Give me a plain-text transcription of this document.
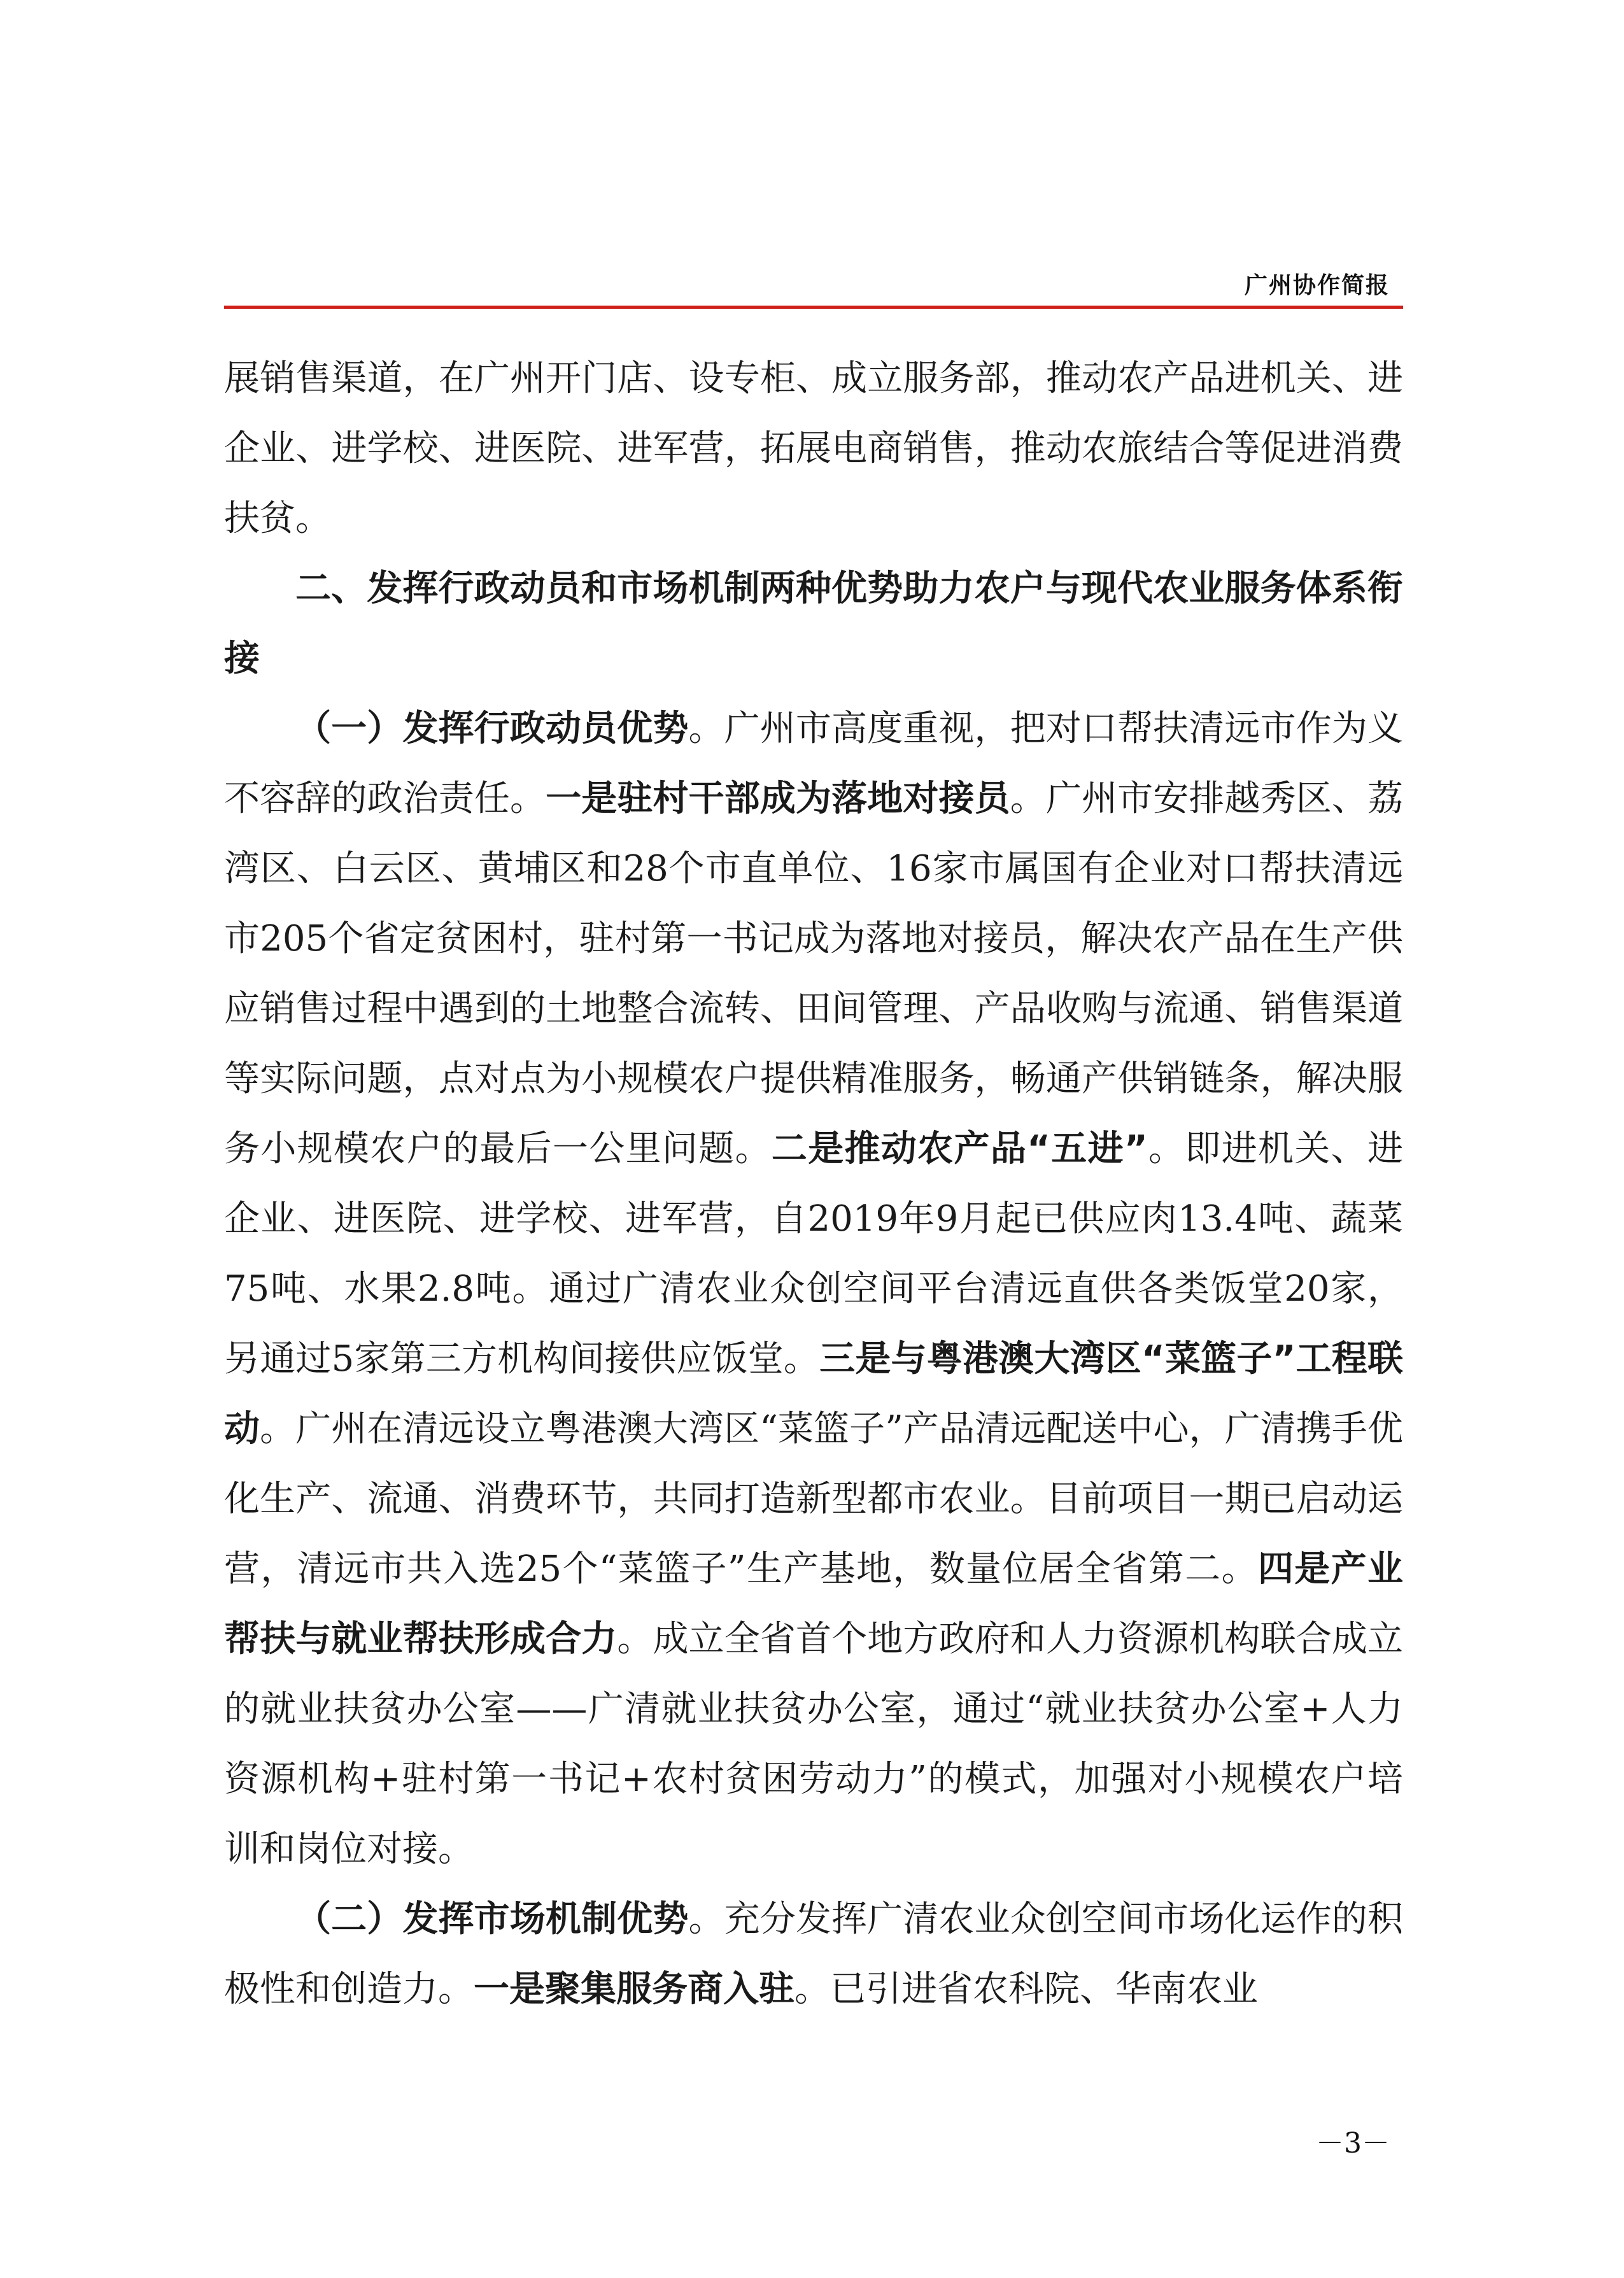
广州协作简报

展销售渠道，在广州开门店、设专柜、成立服务部，推动农产品进机关、进企业、进学校、进医院、进军营，拓展电商销售，推动农旅结合等促进消费扶贫。

二、发挥行政动员和市场机制两种优势助力农户与现代农业服务体系衔接

（一）发挥行政动员优势。广州市高度重视，把对口帮扶清远市作为义不容辞的政治责任。一是驻村干部成为落地对接员。广州市安排越秀区、荔湾区、白云区、黄埔区和28个市直单位、16家市属国有企业对口帮扶清远市205个省定贫困村，驻村第一书记成为落地对接员，解决农产品在生产供应销售过程中遇到的土地整合流转、田间管理、产品收购与流通、销售渠道等实际问题，点对点为小规模农户提供精准服务，畅通产供销链条，解决服务小规模农户的最后一公里问题。二是推动农产品“五进”。即进机关、进企业、进医院、进学校、进军营，自2019年9月起已供应肉13.4吨、蔬菜75吨、水果2.8吨。通过广清农业众创空间平台清远直供各类饭堂20家，另通过5家第三方机构间接供应饭堂。三是与粤港澳大湾区“菜篮子”工程联动。广州在清远设立粤港澳大湾区“菜篮子”产品清远配送中心，广清携手优化生产、流通、消费环节，共同打造新型都市农业。目前项目一期已启动运营，清远市共入选25个“菜篮子”生产基地，数量位居全省第二。四是产业帮扶与就业帮扶形成合力。成立全省首个地方政府和人力资源机构联合成立的就业扶贫办公室——广清就业扶贫办公室，通过“就业扶贫办公室+人力资源机构+驻村第一书记+农村贫困劳动力”的模式，加强对小规模农户培训和岗位对接。

（二）发挥市场机制优势。充分发挥广清农业众创空间市场化运作的积极性和创造力。一是聚集服务商入驻。已引进省农科院、华南农业

－3－
